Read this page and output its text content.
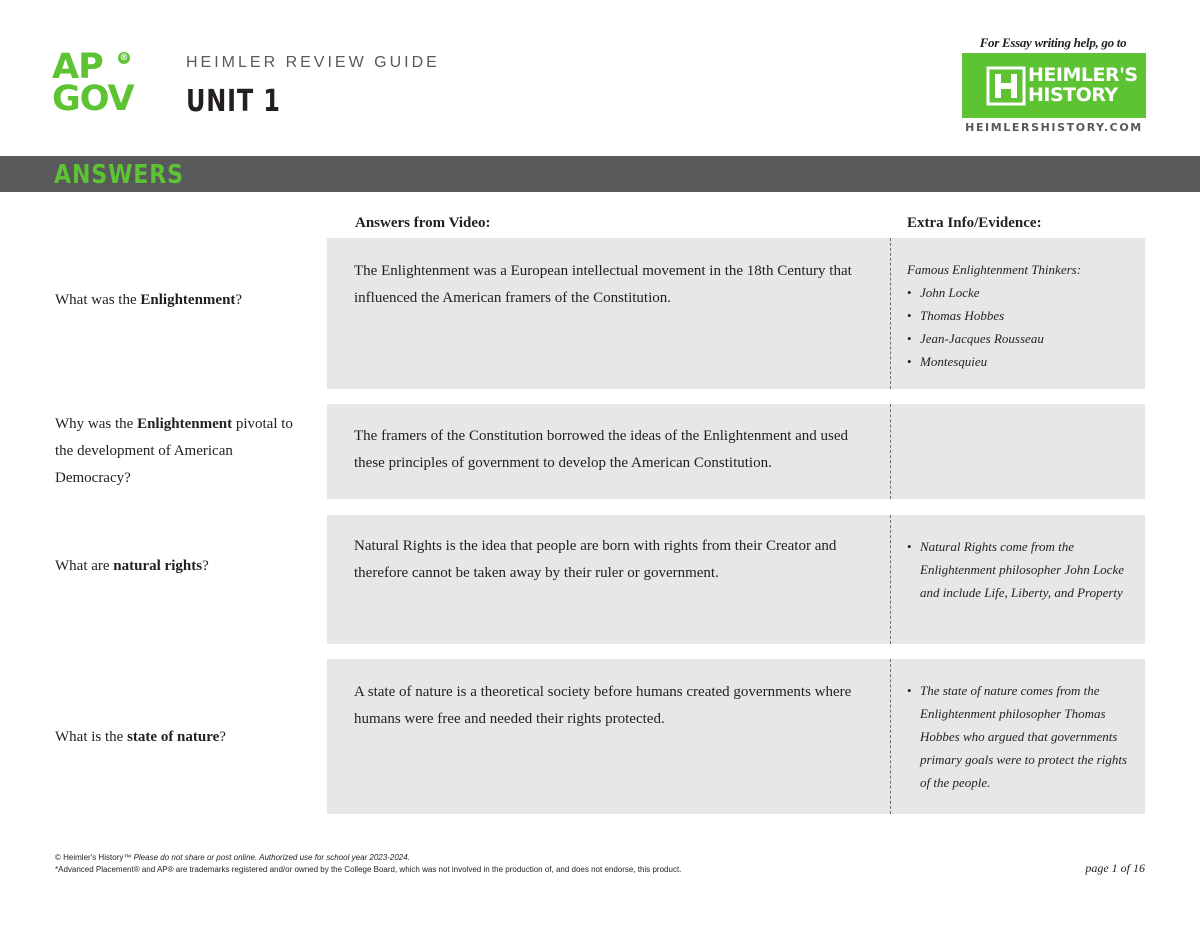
AP ®
GOV
HEIMLER REVIEW GUIDE
UNIT 1
For Essay writing help, go to
HEIMLER'S
HISTORY
HEIMLERSHISTORY.COM
ANSWERS
Answers from Video:	Extra Info/Evidence:
What was the Enlightenment?
The Enlightenment was a European intellectual movement in the 18th Century that influenced the American framers of the Constitution.
Famous Enlightenment Thinkers:
• John Locke
• Thomas Hobbes
• Jean-Jacques Rousseau
• Montesquieu
Why was the Enlightenment pivotal to the development of American Democracy?
The framers of the Constitution borrowed the ideas of the Enlightenment and used these principles of government to develop the American Constitution.
What are natural rights?
Natural Rights is the idea that people are born with rights from their Creator and therefore cannot be taken away by their ruler or government.
• Natural Rights come from the Enlightenment philosopher John Locke and include Life, Liberty, and Property
What is the state of nature?
A state of nature is a theoretical society before humans created governments where humans were free and needed their rights protected.
• The state of nature comes from the Enlightenment philosopher Thomas Hobbes who argued that governments primary goals were to protect the rights of the people.
© Heimler's History™ Please do not share or post online. Authorized use for school year 2023-2024.
*Advanced Placement® and AP® are trademarks registered and/or owned by the College Board, which was not involved in the production of, and does not endorse, this product.	page 1 of 16
